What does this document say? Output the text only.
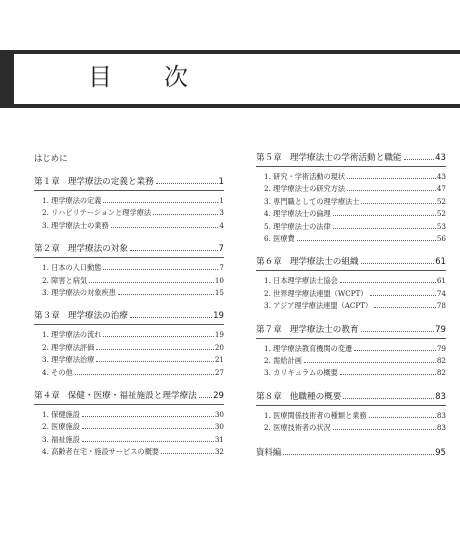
目　次
はじめに
第１章 理学療法の定義と業務	1
1. 理学療法の定義	1
2. リハビリテーションと理学療法	3
3. 理学療法士の業務	4
第２章 理学療法の対象	7
1. 日本の人口動態	7
2. 障害と病気	10
3. 理学療法の対象疾患	15
第３章 理学療法の治療	19
1. 理学療法の流れ	19
2. 理学療法評価	20
3. 理学療法治療	21
4. その他	27
第４章 保健・医療・福祉施設と理学療法 29
1. 保健施設	30
2. 医療施設	30
3. 福祉施設	31
4. 高齢者在宅・施設サービスの概要	32
第５章 理学療法士の学術活動と職能	43
1. 研究・学術活動の現状	43
2. 理学療法士の研究方法	47
3. 専門職としての理学療法士	52
4. 理学療法士の倫理	52
5. 理学療法士の法律	53
6. 医療費	56
第６章 理学療法士の組織	61
1. 日本理学療法士協会	61
2. 世界理学療法連盟（WCPT）	74
3. アジア理学療法連盟（ACPT）	78
第７章 理学療法士の教育	79
1. 理学療法教育機関の変遷	79
2. 需給計画	82
3. カリキュラムの概要	82
第８章 他職種の概要	83
1. 医療関係技術者の種類と業務	83
2. 医療技術者の状況	83
資料編	95
